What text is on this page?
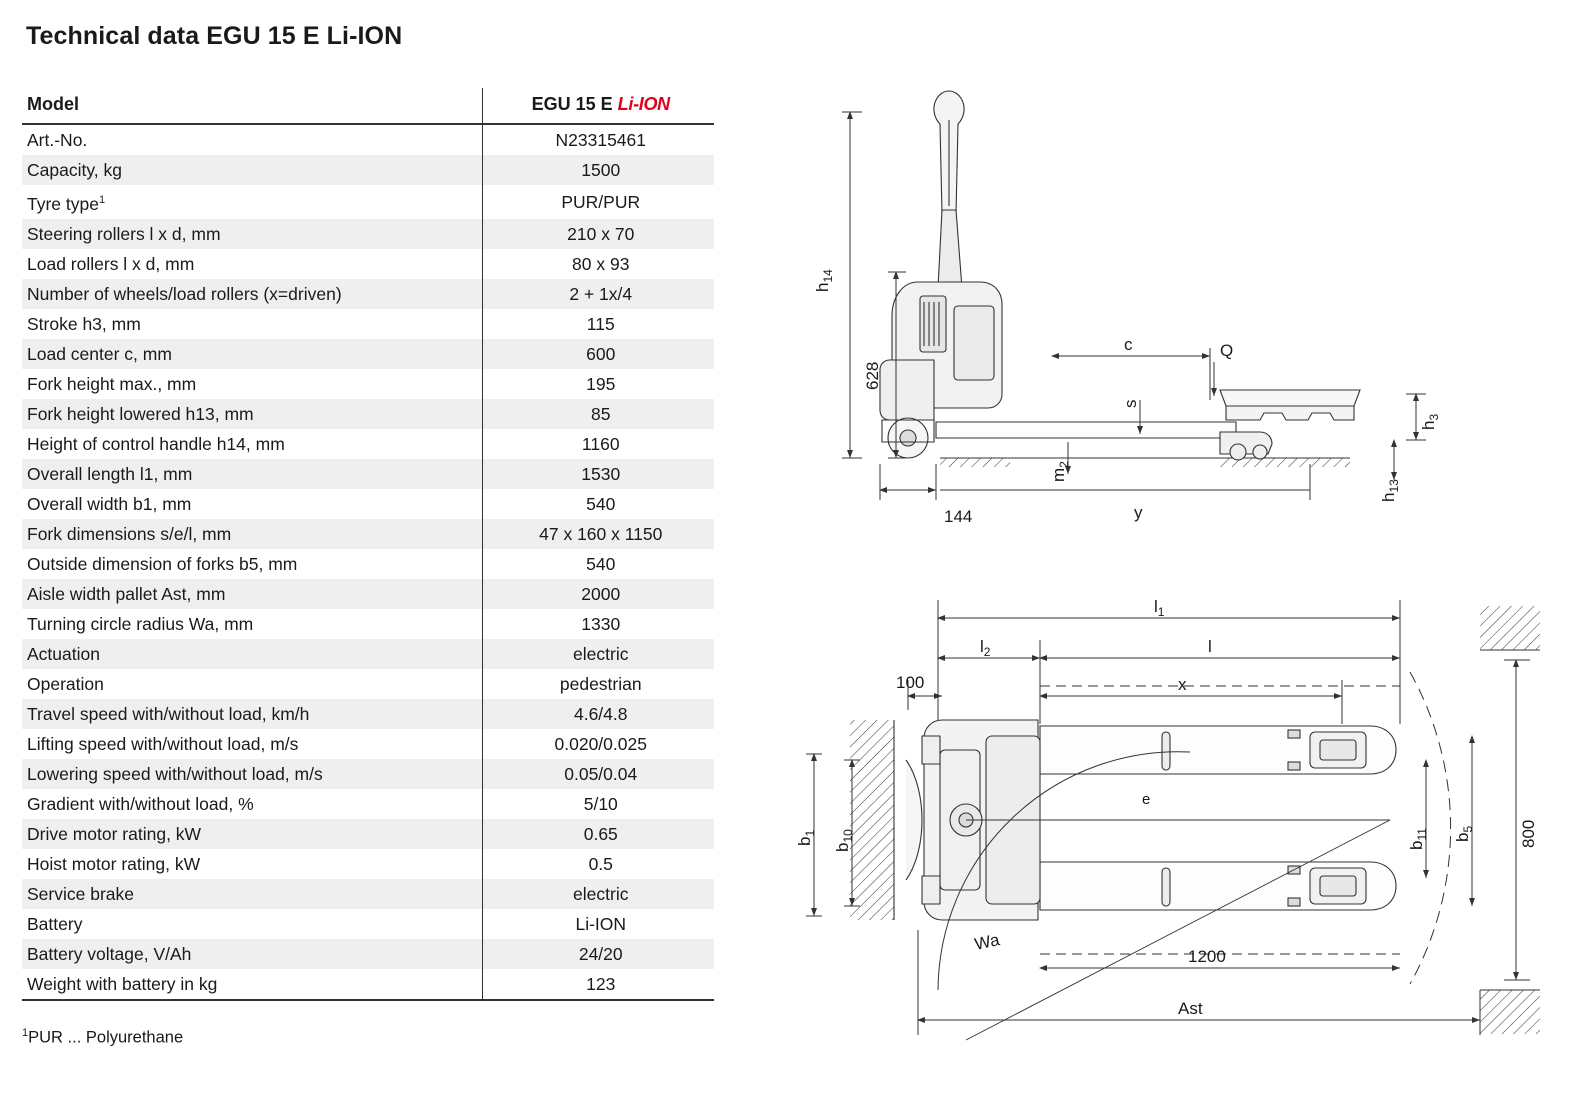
Technical data EGU 15 E Li-ION
Model	EGU 15 E Li-ION
Art.-No.	N23315461
Capacity, kg	1500
Tyre type$^1$	PUR/PUR
Steering rollers l x d, mm	210 x 70
Load rollers l x d, mm	80 x 93
Number of wheels/load rollers (x=driven)	2 + 1x/4
Stroke h3, mm	115
Load center c, mm	600
Fork height max., mm	195
Fork height lowered h13, mm	85
Height of control handle h14, mm	1160
Overall length l1, mm	1530
Overall width b1, mm	540
Fork dimensions s/e/l, mm	47 x 160 x 1150
Outside dimension of forks b5, mm	540
Aisle width pallet Ast, mm	2000
Turning circle radius Wa, mm	1330
Actuation	electric
Operation	pedestrian
Travel speed with/without load, km/h	4.6/4.8
Lifting speed with/without load, m/s	0.020/0.025
Lowering speed with/without load, m/s	0.05/0.04
Gradient with/without load, %	5/10
Drive motor rating, kW	0.65
Hoist motor rating, kW	0.5
Service brake	electric
Battery	Li-ION
Battery voltage, V/Ah	24/20
Weight with battery in kg	123
$^1$PUR ... Polyurethane
$h_{14}$
628
144
c	Q
s
$m_2$
y
$h_3$
$h_{13}$
$l_1$
$l_2$	l
100	x
$b_1$
$b_{10}$
$b_{11}$ $b_5$	800
e
Wa
1200
Ast
